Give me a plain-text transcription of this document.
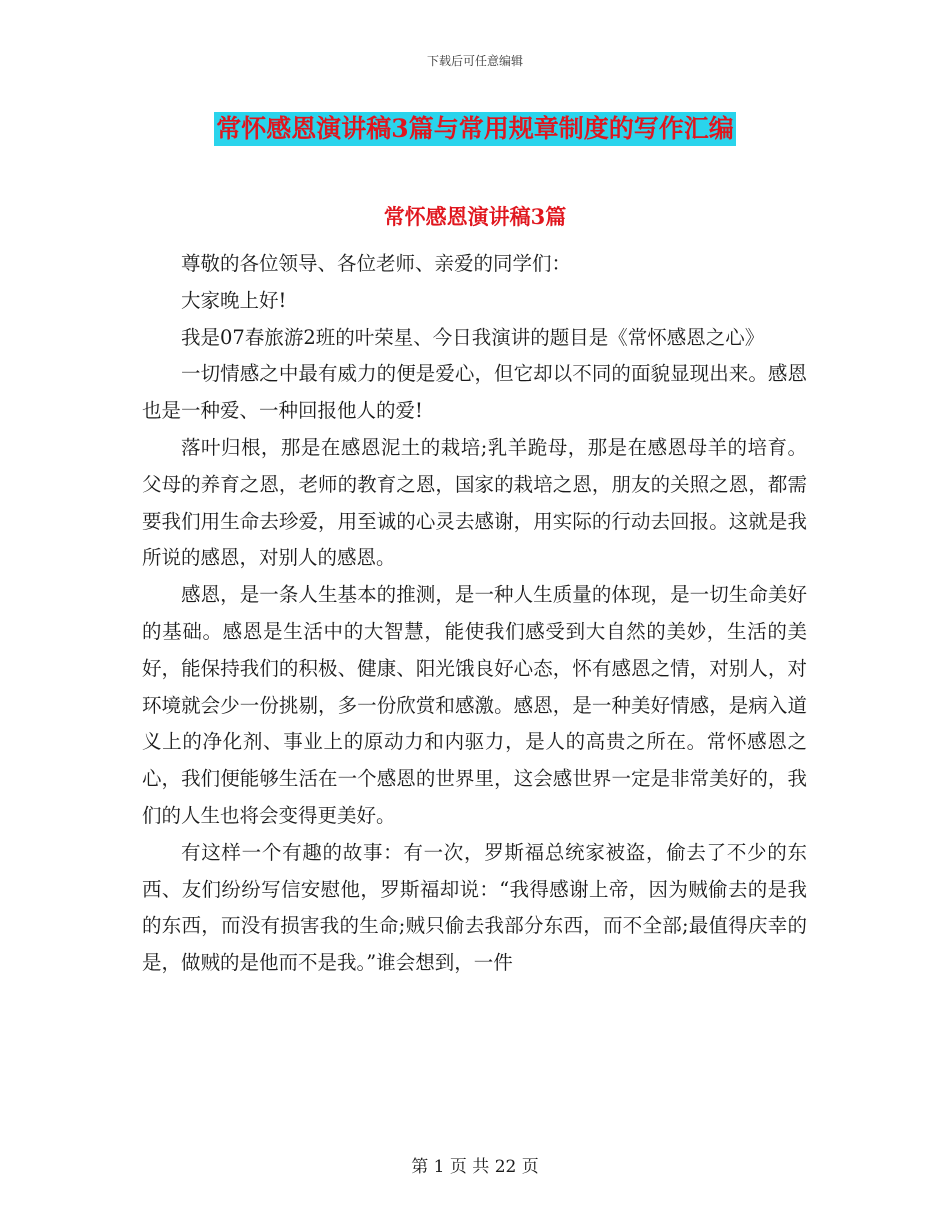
下载后可任意编辑
常怀感恩演讲稿3篇与常用规章制度的写作汇编
常怀感恩演讲稿3篇

尊敬的各位领导、各位老师、亲爱的同学们：

大家晚上好!

我是07春旅游2班的叶荣星、今日我演讲的题目是《常怀感恩之心》

一切情感之中最有威力的便是爱心，但它却以不同的面貌显现出来。感恩也是一种爱、一种回报他人的爱!

落叶归根，那是在感恩泥土的栽培;乳羊跪母，那是在感恩母羊的培育。父母的养育之恩，老师的教育之恩，国家的栽培之恩，朋友的关照之恩，都需要我们用生命去珍爱，用至诚的心灵去感谢，用实际的行动去回报。这就是我所说的感恩，对别人的感恩。

感恩，是一条人生基本的推测，是一种人生质量的体现，是一切生命美好的基础。感恩是生活中的大智慧，能使我们感受到大自然的美妙，生活的美好，能保持我们的积极、健康、阳光饿良好心态，怀有感恩之情，对别人，对环境就会少一份挑剔，多一份欣赏和感激。感恩，是一种美好情感，是病入道义上的净化剂、事业上的原动力和内驱力，是人的高贵之所在。常怀感恩之心，我们便能够生活在一个感恩的世界里，这会感世界一定是非常美好的，我们的人生也将会变得更美好。

有这样一个有趣的故事：有一次，罗斯福总统家被盗，偷去了不少的东西、友们纷纷写信安慰他，罗斯福却说：“我得感谢上帝，因为贼偷去的是我的东西，而没有损害我的生命;贼只偷去我部分东西，而不全部;最值得庆幸的是，做贼的是他而不是我。”谁会想到，一件

第 1 页 共 22 页
